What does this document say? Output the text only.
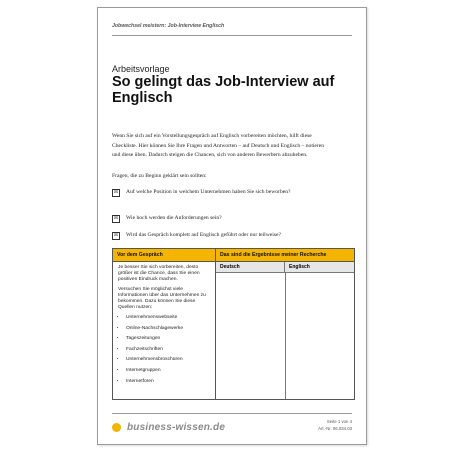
Jobwechsel meistern: Job-Interview Englisch
Arbeitsvorlage
So gelingt das Job-Interview auf Englisch
Wenn Sie sich auf ein Vorstellungsgespräch auf Englisch vorbereiten möchten, hilft diese Checkliste. Hier können Sie Ihre Fragen und Antworten – auf Deutsch und Englisch – notieren und diese üben. Dadurch steigen die Chancen, sich von anderen Bewerbern abzuheben.
Fragen, die zu Beginn geklärt sein sollten:
☒	Auf welche Position in welchem Unternehmen haben Sie sich beworben?
☒	Wie hoch werden die Anforderungen sein?
☒	Wird das Gespräch komplett auf Englisch geführt oder nur teilweise?
Vor dem Gespräch	Das sind die Ergebnisse meiner Recherche
Deutsch	Englisch

Je besser Sie sich vorbereiten, desto größer ist die Chance, dass Sie einen positiven Eindruck machen.

Versuchen Sie möglichst viele Informationen über das Unternehmen zu bekommen. Dazu können Sie diese Quellen nutzen:

• Unternehmenswebseite
• Online-Nachschlagewerke
• Tageszeitungen
• Fachzeitschriften
• Unternehmensbroschüren
• Internetgruppen
• Internetforen
business-wissen.de
Seite 1 von 4
Art.-Nr. 06.034.03
